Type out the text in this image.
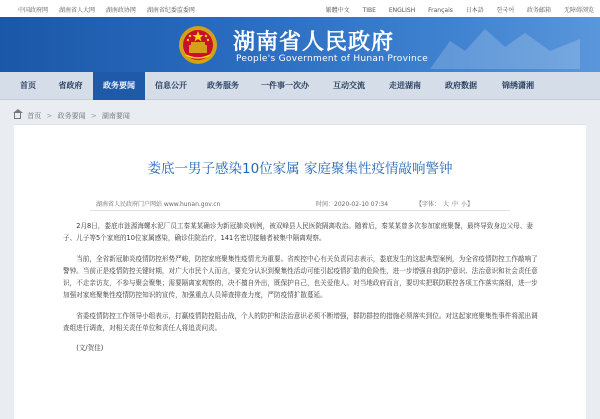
中国政府网 湖南省人大网 湖南政协网 湖南省纪委监委网	繁體中文 TIBE ENGLISH Français 日本語 한국어 政务邮箱 无障碍浏览
湖南省人民政府
People's Government of Hunan Province
首页	省政府	政务要闻	信息公开	政务服务	一件事一次办	互动交流	走进湖南	政府数据	锦绣潇湘
首页 > 政务要闻 > 湖南要闻
娄底一男子感染10位家属 家庭聚集性疫情敲响警钟
湖南省人民政府门户网站 www.hunan.gov.cn	时间：2020-02-10 07:34	【字体： 大 中 小】

2月8日，娄底市涟源海螺水泥厂员工秦某某确诊为新冠肺炎病例，被双峰县人民医院隔离收治。随着后，秦某某曾多次参加家庭聚餐，最终导致身边父母、妻子、儿子等5个家庭的10位家属感染，确诊住院治疗，141名密切接触者被集中隔离观察。

当前，全省新冠肺炎疫情防控形势严峻，防控家庭聚集性疫情尤为重要。省疾控中心有关负责同志表示，娄底发生的这起典型案例，为全省疫情防控工作敲响了警钟。当前正是疫情防控关键时期，对广大市民个人而言，要充分认识到聚集性活动可能引起疫情扩散的危险性，进一步增强自我防护意识、法治意识和社会责任意识，不走亲访友，不参与聚会聚集；需要隔离家观察的，决不擅自外出，既保护自己，也关爱他人。对当地政府而言，要切实把联防联控各项工作落实落细，进一步加强对家庭聚集性疫情防控知识的宣传，加强重点人员筛查排查力度，严防疫情扩散蔓延。

省委疫情防控工作领导小组表示，打赢疫情防控阻击战，个人的防护和法治意识必须不断增强，群防群控的措施必须落实到位。对这起家庭聚集性事件将派出调查组进行调查，对相关责任单位和责任人将追责问责。

(文/贺佳)
